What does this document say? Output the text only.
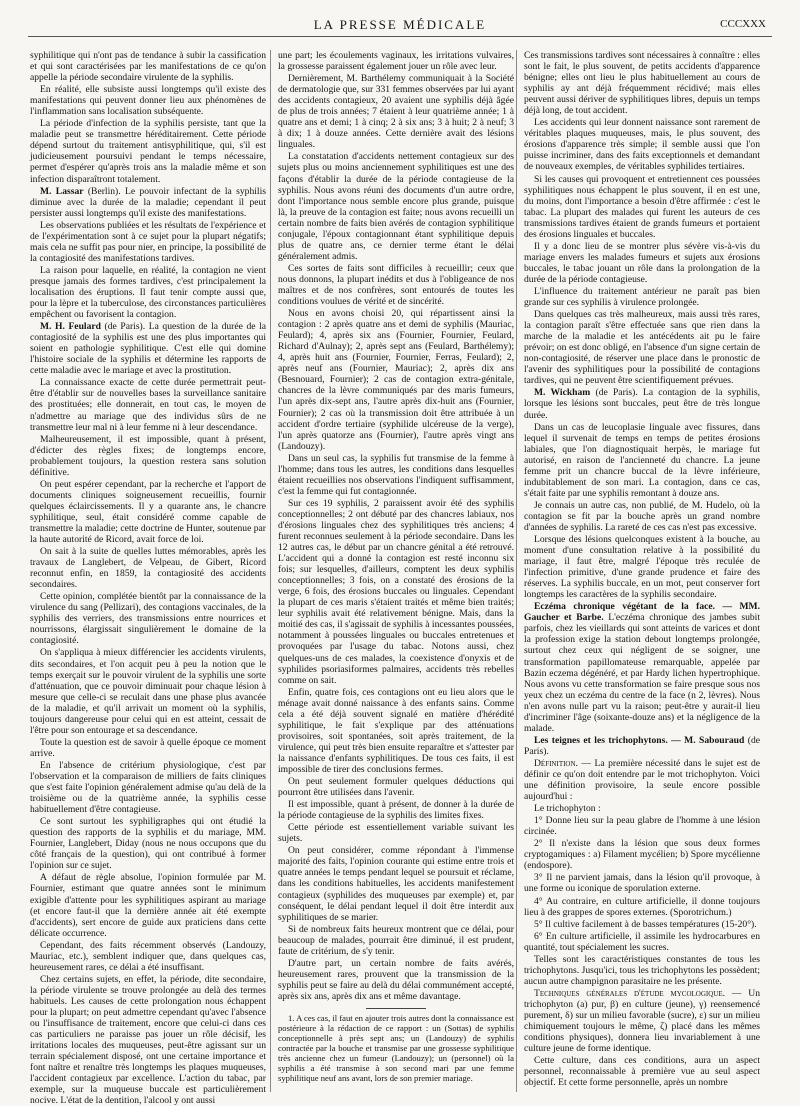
LA PRESSE MÉDICALE	CCCXXX

syphilitique qui n'ont pas de tendance à subir la cassification et qui sont caractérisées par les manifestations de ce qu'on appelle la période secondaire virulente de la syphilis.

En réalité, elle subsiste aussi longtemps qu'il existe des manifestations qui peuvent donner lieu aux phénomènes de l'inflammation sans localisation subséquente.

La période d'infection de la syphilis persiste, tant que la maladie peut se transmettre héréditairement. Cette période dépend surtout du traitement antisyphilitique, qui, s'il est judicieusement poursuivi pendant le temps nécessaire, permet d'espérer qu'après trois ans la maladie même et son infection disparaîtront totalement.

M. Lassar (Berlin). Le pouvoir infectant de la syphilis diminue avec la durée de la maladie; cependant il peut persister aussi longtemps qu'il existe des manifestations.

Les observations publiées et les résultats de l'expérience et de l'expérimentation sont à ce sujet pour la plupart négatifs; mais cela ne suffit pas pour nier, en principe, la possibilité de la contagiosité des manifestations tardives.

La raison pour laquelle, en réalité, la contagion ne vient presque jamais des formes tardives, c'est principalement la localisation des éruptions. Il faut tenir compte aussi que, pour la lèpre et la tuberculose, des circonstances particulières empêchent ou favorisent la contagion.

M. H. Feulard (de Paris). La question de la durée de la contagiosité de la syphilis est une des plus importantes qui soient en pathologie syphilitique. C'est elle qui domine l'histoire sociale de la syphilis et détermine les rapports de cette maladie avec le mariage et avec la prostitution.

La connaissance exacte de cette durée permettrait peut-être d'établir sur de nouvelles bases la surveillance sanitaire des prostituées; elle donnerait, en tout cas, le moyen de n'admettre au mariage que des individus sûrs de ne transmettre leur mal ni à leur femme ni à leur descendance.

Malheureusement, il est impossible, quant à présent, d'édicter des règles fixes; de longtemps encore, probablement toujours, la question restera sans solution définitive.

On peut espérer cependant, par la recherche et l'apport de documents cliniques soigneusement recueillis, fournir quelques éclaircissements. Il y a quarante ans, le chancre syphilitique, seul, était considéré comme capable de transmettre la maladie; cette doctrine de Hunter, soutenue par la haute autorité de Ricord, avait force de loi.

On sait à la suite de quelles luttes mémorables, après les travaux de Langlebert, de Velpeau, de Gibert, Ricord reconnut enfin, en 1859, la contagiosité des accidents secondaires.

Cette opinion, complétée bientôt par la connaissance de la virulence du sang (Pellizari), des contagions vaccinales, de la syphilis des verriers, des transmissions entre nourrices et nourrissons, élargissait singulièrement le domaine de la contagiosité.

On s'appliqua à mieux différencier les accidents virulents, dits secondaires, et l'on acquit peu à peu la notion que le temps exerçait sur le pouvoir virulent de la syphilis une sorte d'atténuation, que ce pouvoir diminuait pour chaque lésion à mesure que celle-ci se reculait dans une phase plus avancée de la maladie, et qu'il arrivait un moment où la syphilis, toujours dangereuse pour celui qui en est atteint, cessait de l'être pour son entourage et sa descendance.

Toute la question est de savoir à quelle époque ce moment arrive.

En l'absence de critérium physiologique, c'est par l'observation et la comparaison de milliers de faits cliniques que s'est faite l'opinion généralement admise qu'au delà de la troisième ou de la quatrième année, la syphilis cesse habituellement d'être contagieuse.

Ce sont surtout les syphiligraphes qui ont étudié la question des rapports de la syphilis et du mariage, MM. Fournier, Langlebert, Diday (nous ne nous occupons que du côté français de la question), qui ont contribué à former l'opinion sur ce sujet.

A défaut de règle absolue, l'opinion formulée par M. Fournier, estimant que quatre années sont le minimum exigible d'attente pour les syphilitiques aspirant au mariage (et encore faut-il que la dernière année ait été exempte d'accidents), sert encore de guide aux praticiens dans cette délicate occurrence.

Cependant, des faits récemment observés (Landouzy, Mauriac, etc.), semblent indiquer que, dans quelques cas, heureusement rares, ce délai a été insuffisant.

Chez certains sujets, en effet, la période, dite secondaire, la période virulente se trouve prolongée au delà des termes habituels. Les causes de cette prolongation nous échappent pour la plupart; on peut admettre cependant qu'avec l'absence ou l'insuffisance de traitement, encore que celui-ci dans ces cas particuliers ne paraisse pas jouer un rôle décisif, les irritations locales des muqueuses, peut-être agissant sur un terrain spécialement disposé, ont une certaine importance et font naître et renaître très longtemps les plaques muqueuses, l'accident contagieux par excellence. L'action du tabac, par exemple, sur la muqueuse buccale est particulièrement nocive. L'état de la dentition, l'alcool y ont aussi

une part; les écoulements vaginaux, les irritations vulvaires, la grossesse paraissent également jouer un rôle avec leur.

Dernièrement, M. Barthélemy communiquait à la Société de dermatologie que, sur 331 femmes observées par lui ayant des accidents contagieux, 20 avaient une syphilis déjà âgée de plus de trois années; 7 étaient à leur quatrième année; 1 à quatre ans et demi; 1 à cinq; 2 à six ans; 3 à huit; 2 à neuf; 3 à dix; 1 à douze années. Cette dernière avait des lésions linguales.

La constatation d'accidents nettement contagieux sur des sujets plus ou moins anciennement syphilitiques est une des façons d'établir la durée de la période contagieuse de la syphilis. Nous avons réuni des documents d'un autre ordre, dont l'importance nous semble encore plus grande, puisque là, la preuve de la contagion est faite; nous avons recueilli un certain nombre de faits bien avérés de contagion syphilitique conjugale, l'époux contagionnant étant syphilitique depuis plus de quatre ans, ce dernier terme étant le délai généralement admis.

Ces sortes de faits sont difficiles à recueillir; ceux que nous donnons, la plupart inédits et dus à l'obligeance de nos maîtres et de nos confrères, sont entourés de toutes les conditions voulues de vérité et de sincérité.

Nous en avons choisi 20, qui répartissent ainsi la contagion : 2 après quatre ans et demi de syphilis (Mauriac, Feulard); 4, après six ans (Fournier, Fournier, Feulard, Richard d'Aulnay); 2, après sept ans (Feulard, Barthélemy); 4, après huit ans (Fournier, Fournier, Ferras, Feulard); 2, après neuf ans (Fournier, Mauriac); 2, après dix ans (Besnouard, Fournier); 2 cas de contagion extra-génitale, chancres de la lèvre communiqués par des maris fumeurs, l'un après dix-sept ans, l'autre après dix-huit ans (Fournier, Fournier); 2 cas où la transmission doit être attribuée à un accident d'ordre tertiaire (syphilide ulcéreuse de la verge), l'un après quatorze ans (Fournier), l'autre après vingt ans (Landouzy).

Dans un seul cas, la syphilis fut transmise de la femme à l'homme; dans tous les autres, les conditions dans lesquelles étaient recueillies nos observations l'indiquent suffisamment, c'est la femme qui fut contagionnée.

Sur ces 19 syphilis, 2 paraissent avoir été des syphilis conceptionnelles; 2 ont débuté par des chancres labiaux, nos d'érosions linguales chez des syphilitiques très anciens; 4 furent reconnues seulement à la période secondaire. Dans les 12 autres cas, le début par un chancre génital a été retrouvé. L'accident qui a donné la contagion est resté inconnu six fois; sur lesquelles, d'ailleurs, comptent les deux syphilis conceptionnelles; 3 fois, on a constaté des érosions de la verge, 6 fois, des érosions buccales ou linguales. Cependant la plupart de ces maris s'étaient traités et même bien traités; leur syphilis avait été relativement bénigne. Mais, dans la moitié des cas, il s'agissait de syphilis à incessantes poussées, notamment à poussées linguales ou buccales entretenues et provoquées par l'usage du tabac. Notons aussi, chez quelques-uns de ces malades, la coexistence d'onyxis et de syphilides psoriasiformes palmaires, accidents très rebelles comme on sait.

Enfin, quatre fois, ces contagions ont eu lieu alors que le ménage avait donné naissance à des enfants sains. Comme cela a été déjà souvent signalé en matière d'hérédité syphilitique, le fait s'explique par des atténuations provisoires, soit spontanées, soit après traitement, de la virulence, qui peut très bien ensuite reparaître et s'attester par la naissance d'enfants syphilitiques. De tous ces faits, il est impossible de tirer des conclusions fermes.

On peut seulement formuler quelques déductions qui pourront être utilisées dans l'avenir.

Il est impossible, quant à présent, de donner à la durée de la période contagieuse de la syphilis des limites fixes.

Cette période est essentiellement variable suivant les sujets.

On peut considérer, comme répondant à l'immense majorité des faits, l'opinion courante qui estime entre trois et quatre années le temps pendant lequel se poursuit et réclame, dans les conditions habituelles, les accidents manifestement contagieux (syphilides des muqueuses par exemple) et, par conséquent, le délai pendant lequel il doit être interdit aux syphilitiques de se marier.

Si de nombreux faits heureux montrent que ce délai, pour beaucoup de malades, pourrait être diminué, il est prudent, faute de critérium, de s'y tenir.

D'autre part, un certain nombre de faits avérés, heureusement rares, prouvent que la transmission de la syphilis peut se faire au delà du délai communément accepté, après six ans, après dix ans et même davantage.

1. A ces cas, il faut en ajouter trois autres dont la connaissance est postérieure à la rédaction de ce rapport : un (Sottas) de syphilis conceptionnelle à près sept ans; un (Landouzy) de syphilis contractée par la bouche et transmise par une grossesse syphilitique très ancienne chez un fumeur (Landouzy); un (personnel) où la syphilis a été transmise à son second mari par une femme syphilitique neuf ans avant, lors de son premier mariage.

Ces transmissions tardives sont nécessaires à connaître : elles sont le fait, le plus souvent, de petits accidents d'apparence bénigne; elles ont lieu le plus habituellement au cours de syphilis ay ant déjà fréquemment récidivé; mais elles peuvent aussi dériver de syphilitiques libres, depuis un temps déjà long, de tout accident.

Les accidents qui leur donnent naissance sont rarement de véritables plaques muqueuses, mais, le plus souvent, des érosions d'apparence très simple; il semble aussi que l'on puisse incriminer, dans des faits exceptionnels et demandant de nouveaux exemples, de véritables syphilides tertiaires.

Si les causes qui provoquent et entretiennent ces poussées syphilitiques nous échappent le plus souvent, il en est une, du moins, dont l'importance a besoin d'être affirmée : c'est le tabac. La plupart des malades qui furent les auteurs de ces transmissions tardives étaient de grands fumeurs et portaient des érosions linguales et buccales.

Il y a donc lieu de se montrer plus sévère vis-à-vis du mariage envers les malades fumeurs et sujets aux érosions buccales, le tabac jouant un rôle dans la prolongation de la durée de la période contagieuse.

L'influence du traitement antérieur ne paraît pas bien grande sur ces syphilis à virulence prolongée.

Dans quelques cas très malheureux, mais aussi très rares, la contagion paraît s'être effectuée sans que rien dans la marche de la maladie et les antécédents ait pu le faire prévoir; on est donc obligé, en l'absence d'un signe certain de non-contagiosité, de réserver une place dans le pronostic de l'avenir des syphilitiques pour la possibilité de contagions tardives, qui ne peuvent être scientifiquement prévues.

M. Wickham (de Paris). La contagion de la syphilis, lorsque les lésions sont buccales, peut être de très longue durée.

Dans un cas de leucoplasie linguale avec fissures, dans lequel il survenait de temps en temps de petites érosions labiales, que l'on diagnostiquait herpès, le mariage fut autorisé, en raison de l'ancienneté du chancre. La jeune femme prit un chancre buccal de la lèvre inférieure, indubitablement de son mari. La contagion, dans ce cas, s'était faite par une syphilis remontant à douze ans.

Je connais un autre cas, non publié, de M. Hudelo, où la contagion se fit par la bouche après un grand nombre d'années de syphilis. La rareté de ces cas n'est pas excessive.

Lorsque des lésions quelconques existent à la bouche, au moment d'une consultation relative à la possibilité du mariage, il faut être, malgré l'époque très reculée de l'infection primitive, d'une grande prudence et faire des réserves. La syphilis buccale, en un mot, peut conserver fort longtemps les caractères de la syphilis secondaire.

Eczéma chronique végétant de la face. — MM. Gaucher et Barbe. L'eczéma chronique des jambes subit parfois, chez les vieillards qui sont atteints de varices et dont la profession exige la station debout longtemps prolongée, surtout chez ceux qui négligent de se soigner, une transformation papillomateuse remarquable, appelée par Bazin eczema dégénéré, et par Hardy lichen hypertrophique. Nous avons vu cette transformation se faire presque sous nos yeux chez un eczéma du centre de la face (n 2, lèvres). Nous n'en avons nulle part vu la raison; peut-être y aurait-il lieu d'incriminer l'âge (soixante-douze ans) et la négligence de la malade.

Les teignes et les trichophytons. — M. Sabouraud (de Paris).

Définition. — La première nécessité dans le sujet est de définir ce qu'on doit entendre par le mot trichophyton. Voici une définition provisoire, la seule encore possible aujourd'hui :

Le trichophyton :

1° Donne lieu sur la peau glabre de l'homme à une lésion circinée.

2° Il n'existe dans la lésion que sous deux formes cryptogamiques : a) Filament mycélien; b) Spore mycélienne (endospore).

3° Il ne parvient jamais, dans la lésion qu'il provoque, à une forme ou iconique de sporulation externe.

4° Au contraire, en culture artificielle, il donne toujours lieu à des grappes de spores externes. (Sporotrichum.)

5° Il cultive facilement à de basses températures (15-20°).

6° En culture artificielle, il assimile les hydrocarbures en quantité, tout spécialement les sucres.

Telles sont les caractéristiques constantes de tous les trichophytons. Jusqu'ici, tous les trichophytons les possèdent; aucun autre champignon parasitaire ne les présente.

Techniques générales d'étude mycologique. — Un trichophyton (a) pur, β) en culture (jeune), γ) reensemencé purement, δ) sur un milieu favorable (sucre), ε) sur un milieu chimiquement toujours le même, ζ) placé dans les mêmes conditions physiques), donnera lieu invariablement à une culture jeune de forme identique.

Cette culture, dans ces conditions, aura un aspect personnel, reconnaissable à première vue au seul aspect objectif. Et cette forme personnelle, après un nombre
